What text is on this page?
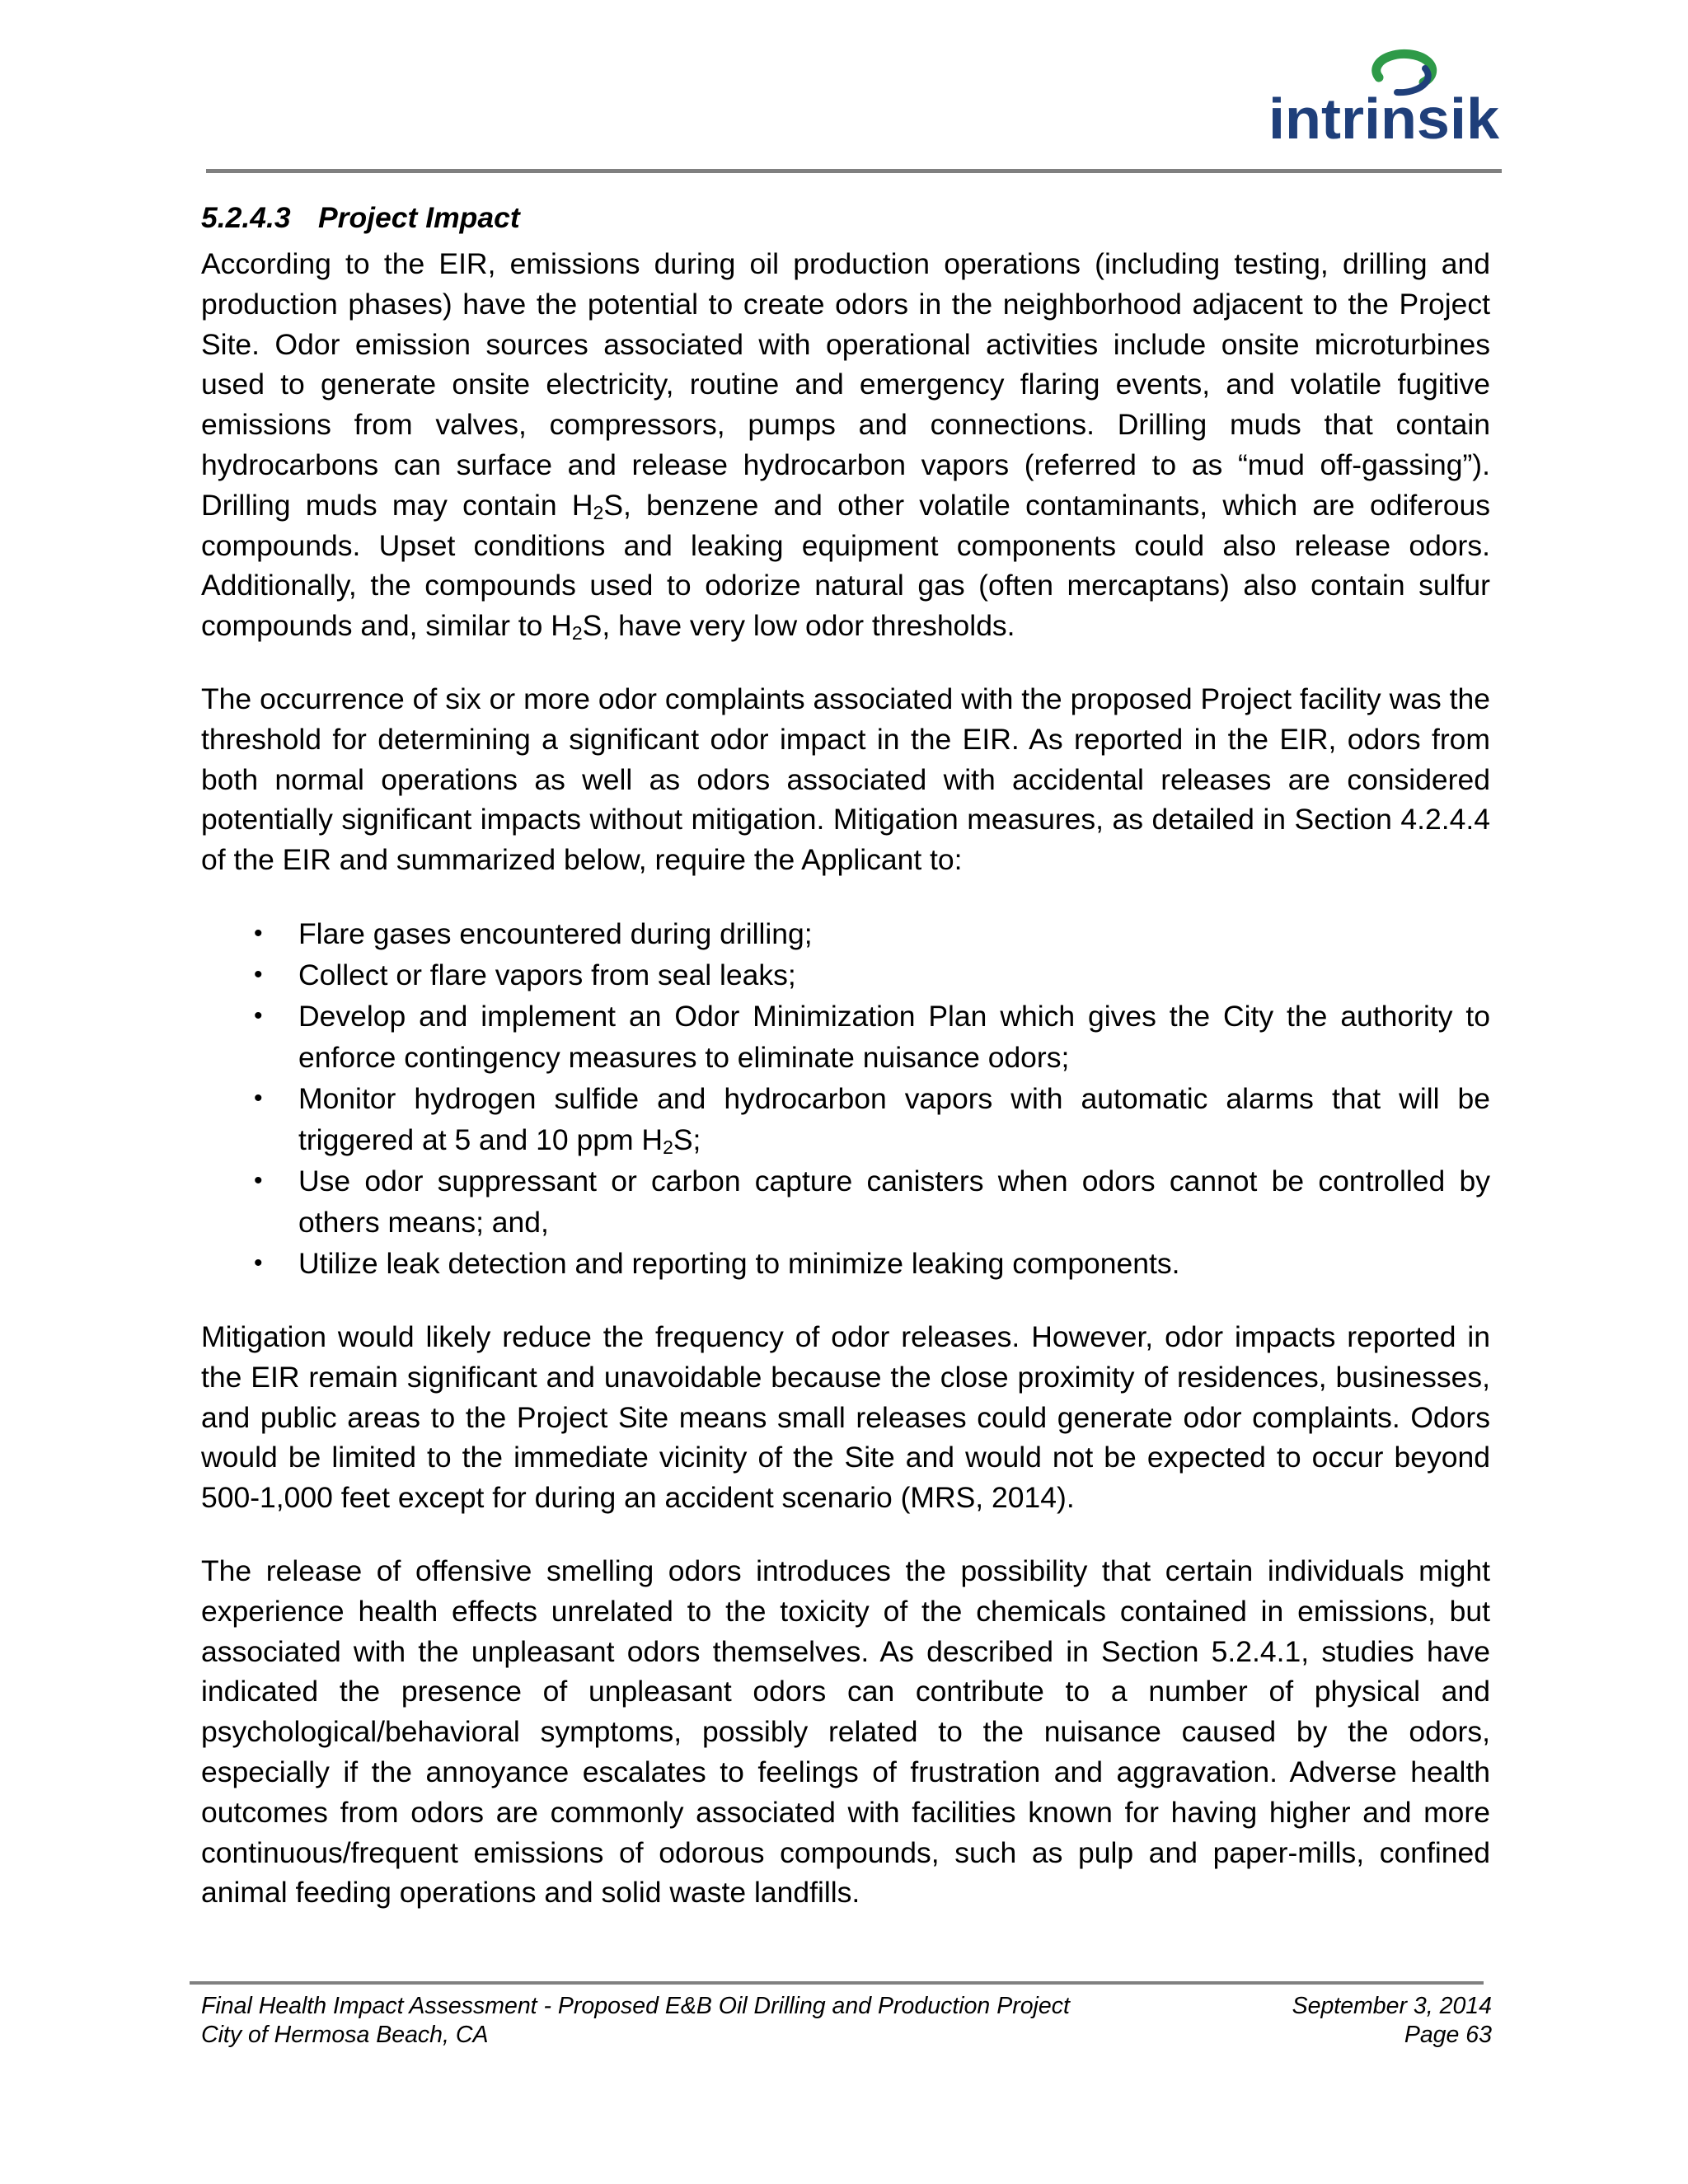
intrinsik
5.2.4.3 Project Impact

According to the EIR, emissions during oil production operations (including testing, drilling and production phases) have the potential to create odors in the neighborhood adjacent to the Project Site. Odor emission sources associated with operational activities include onsite microturbines used to generate onsite electricity, routine and emergency flaring events, and volatile fugitive emissions from valves, compressors, pumps and connections. Drilling muds that contain hydrocarbons can surface and release hydrocarbon vapors (referred to as “mud off-gassing”). Drilling muds may contain $H_2S$, benzene and other volatile contaminants, which are odiferous compounds. Upset conditions and leaking equipment components could also release odors. Additionally, the compounds used to odorize natural gas (often mercaptans) also contain sulfur compounds and, similar to $H_2S$, have very low odor thresholds.

The occurrence of six or more odor complaints associated with the proposed Project facility was the threshold for determining a significant odor impact in the EIR. As reported in the EIR, odors from both normal operations as well as odors associated with accidental releases are considered potentially significant impacts without mitigation. Mitigation measures, as detailed in Section 4.2.4.4 of the EIR and summarized below, require the Applicant to:

• Flare gases encountered during drilling;
• Collect or flare vapors from seal leaks;
• Develop and implement an Odor Minimization Plan which gives the City the authority to enforce contingency measures to eliminate nuisance odors;
• Monitor hydrogen sulfide and hydrocarbon vapors with automatic alarms that will be triggered at 5 and 10 ppm $H_2S$;
• Use odor suppressant or carbon capture canisters when odors cannot be controlled by others means; and,
• Utilize leak detection and reporting to minimize leaking components.

Mitigation would likely reduce the frequency of odor releases. However, odor impacts reported in the EIR remain significant and unavoidable because the close proximity of residences, businesses, and public areas to the Project Site means small releases could generate odor complaints. Odors would be limited to the immediate vicinity of the Site and would not be expected to occur beyond 500-1,000 feet except for during an accident scenario (MRS, 2014).

The release of offensive smelling odors introduces the possibility that certain individuals might experience health effects unrelated to the toxicity of the chemicals contained in emissions, but associated with the unpleasant odors themselves. As described in Section 5.2.4.1, studies have indicated the presence of unpleasant odors can contribute to a number of physical and psychological/behavioral symptoms, possibly related to the nuisance caused by the odors, especially if the annoyance escalates to feelings of frustration and aggravation. Adverse health outcomes from odors are commonly associated with facilities known for having higher and more continuous/frequent emissions of odorous compounds, such as pulp and paper-mills, confined animal feeding operations and solid waste landfills.

Final Health Impact Assessment - Proposed E&B Oil Drilling and Production Project	September 3, 2014
City of Hermosa Beach, CA	Page 63
